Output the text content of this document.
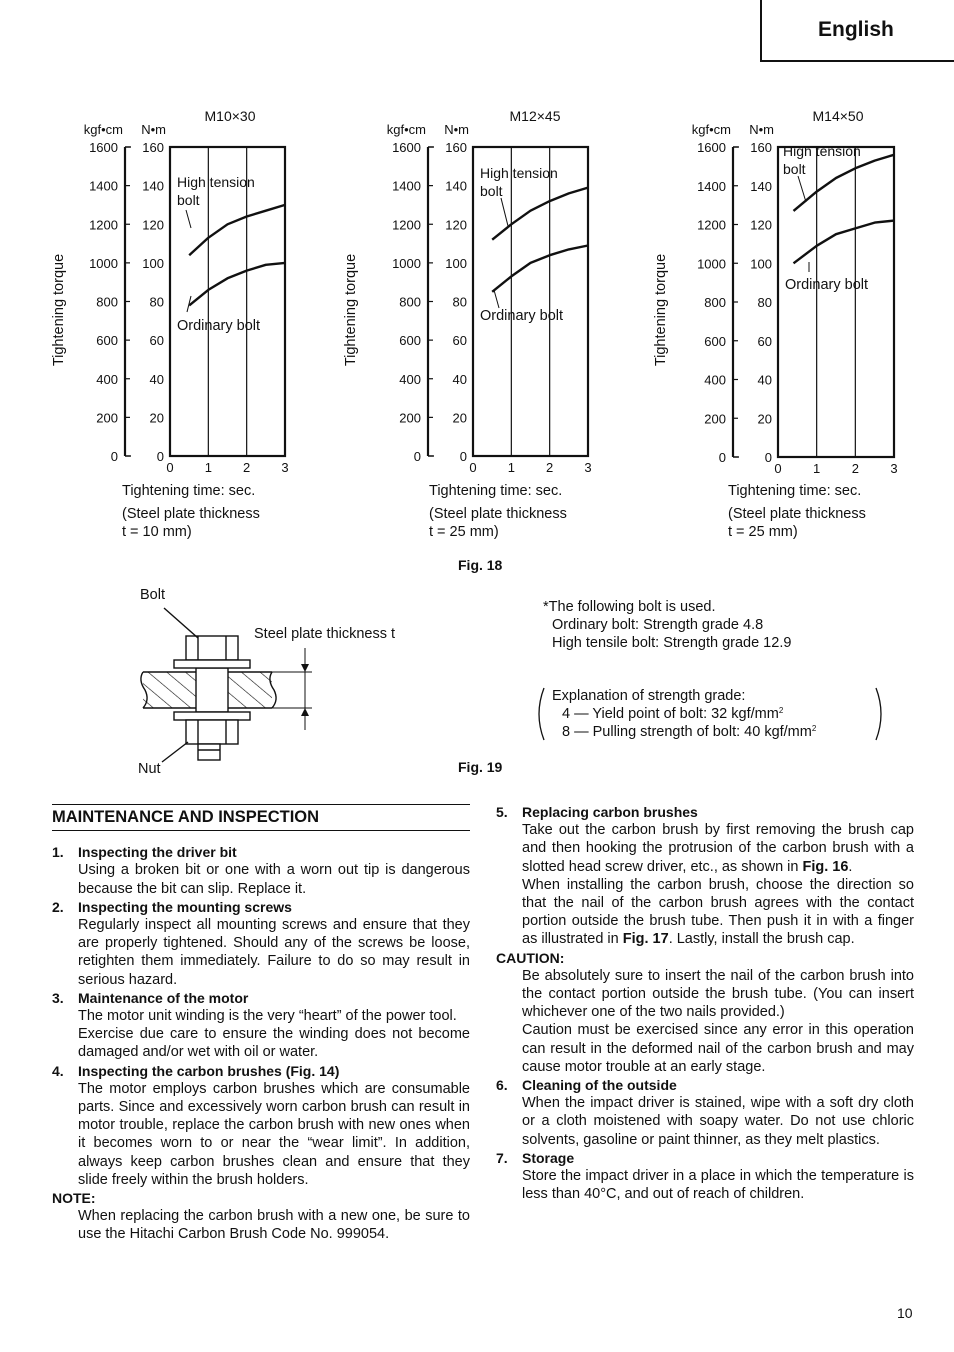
English
0
0
20
200
40
400
60
600
80
800
100
1000
120
1200
140
1400
160
1600
0 1 2 3
kgf•cm N•m
M10×30
Tightening torque
Tightening time: sec.
(Steel plate thickness
t = 10 mm)
High tension
bolt
Ordinary bolt
0
0
20
200
40
400
60
600
80
800
100
1000
120
1200
140
1400
160
1600
0 1 2 3
kgf•cm N•m
M12×45
Tightening torque
Tightening time: sec.
(Steel plate thickness
t = 25 mm)
High tension
bolt
Ordinary bolt
0
0
20
200
40
400
60
600
80
800
100
1000
120
1200
140
1400
160
1600
0 1 2 3
kgf•cm N•m
M14×50
Tightening torque
Tightening time: sec.
(Steel plate thickness
t = 25 mm)
High tension
bolt
Ordinary bolt
Bolt
Nut
Steel plate thickness t
Fig. 18
Fig. 19
*The following bolt is used.
Ordinary bolt: Strength grade 4.8
High tensile bolt: Strength grade 12.9
Explanation of strength grade:
4 — Yield point of bolt: 32 kgf/$mm^2$
8 — Pulling strength of bolt: 40 kgf/$mm^2$
MAINTENANCE AND INSPECTION
1.	Inspecting the driver bit
Using a broken bit or one with a worn out tip is dangerous because the bit can slip. Replace it.
2.	Inspecting the mounting screws
Regularly inspect all mounting screws and ensure that they are properly tightened. Should any of the screws be loose, retighten them immediately. Failure to do so may result in serious hazard.
3.	Maintenance of the motor
The motor unit winding is the very “heart” of the power tool.
Exercise due care to ensure the winding does not become damaged and/or wet with oil or water.
4.	Inspecting the carbon brushes (Fig. 14)
The motor employs carbon brushes which are consumable parts. Since and excessively worn carbon brush can result in motor trouble, replace the carbon brush with new ones when it becomes worn to or near the “wear limit”. In addition, always keep carbon brushes clean and ensure that they slide freely within the brush holders.
NOTE:
When replacing the carbon brush with a new one, be sure to use the Hitachi Carbon Brush Code No. 999054.
5.	Replacing carbon brushes
Take out the carbon brush by first removing the brush cap and then hooking the protrusion of the carbon brush with a slotted head screw driver, etc., as shown in Fig. 16.
When installing the carbon brush, choose the direction so that the nail of the carbon brush agrees with the contact portion outside the brush tube. Then push it in with a finger as illustrated in Fig. 17. Lastly, install the brush cap.
CAUTION:
Be absolutely sure to insert the nail of the carbon brush into the contact portion outside the brush tube. (You can insert whichever one of the two nails provided.)
Caution must be exercised since any error in this operation can result in the deformed nail of the carbon brush and may cause motor trouble at an early stage.
6.	Cleaning of the outside
When the impact driver is stained, wipe with a soft dry cloth or a cloth moistened with soapy water. Do not use chloric solvents, gasoline or paint thinner, as they melt plastics.
7.	Storage
Store the impact driver in a place in which the temperature is less than 40°C, and out of reach of children.
10
